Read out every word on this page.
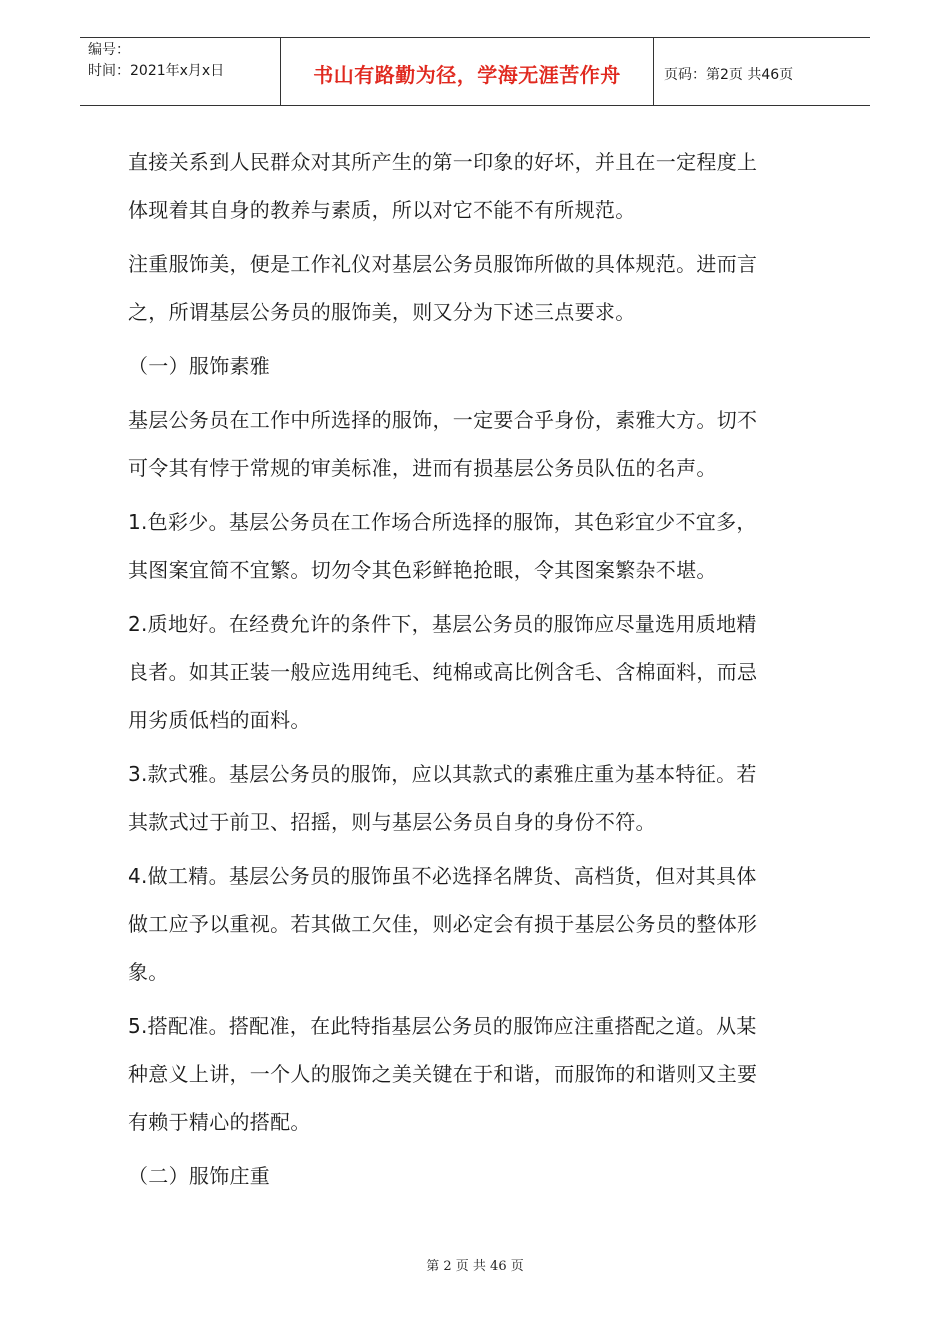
编号：
时间：2021年x月x日	书山有路勤为径，学海无涯苦作舟	页码：第2页 共46页
直接关系到人民群众对其所产生的第一印象的好坏，并且在一定程度上
体现着其自身的教养与素质，所以对它不能不有所规范。
注重服饰美，便是工作礼仪对基层公务员服饰所做的具体规范。进而言
之，所谓基层公务员的服饰美，则又分为下述三点要求。
（一）服饰素雅
基层公务员在工作中所选择的服饰，一定要合乎身份，素雅大方。切不
可令其有悖于常规的审美标准，进而有损基层公务员队伍的名声。
1.色彩少。基层公务员在工作场合所选择的服饰，其色彩宜少不宜多，
其图案宜简不宜繁。切勿令其色彩鲜艳抢眼，令其图案繁杂不堪。
2.质地好。在经费允许的条件下，基层公务员的服饰应尽量选用质地精
良者。如其正装一般应选用纯毛、纯棉或高比例含毛、含棉面料，而忌
用劣质低档的面料。
3.款式雅。基层公务员的服饰，应以其款式的素雅庄重为基本特征。若
其款式过于前卫、招摇，则与基层公务员自身的身份不符。
4.做工精。基层公务员的服饰虽不必选择名牌货、高档货，但对其具体
做工应予以重视。若其做工欠佳，则必定会有损于基层公务员的整体形
象。
5.搭配准。搭配准，在此特指基层公务员的服饰应注重搭配之道。从某
种意义上讲，一个人的服饰之美关键在于和谐，而服饰的和谐则又主要
有赖于精心的搭配。
（二）服饰庄重
第 2 页 共 46 页
